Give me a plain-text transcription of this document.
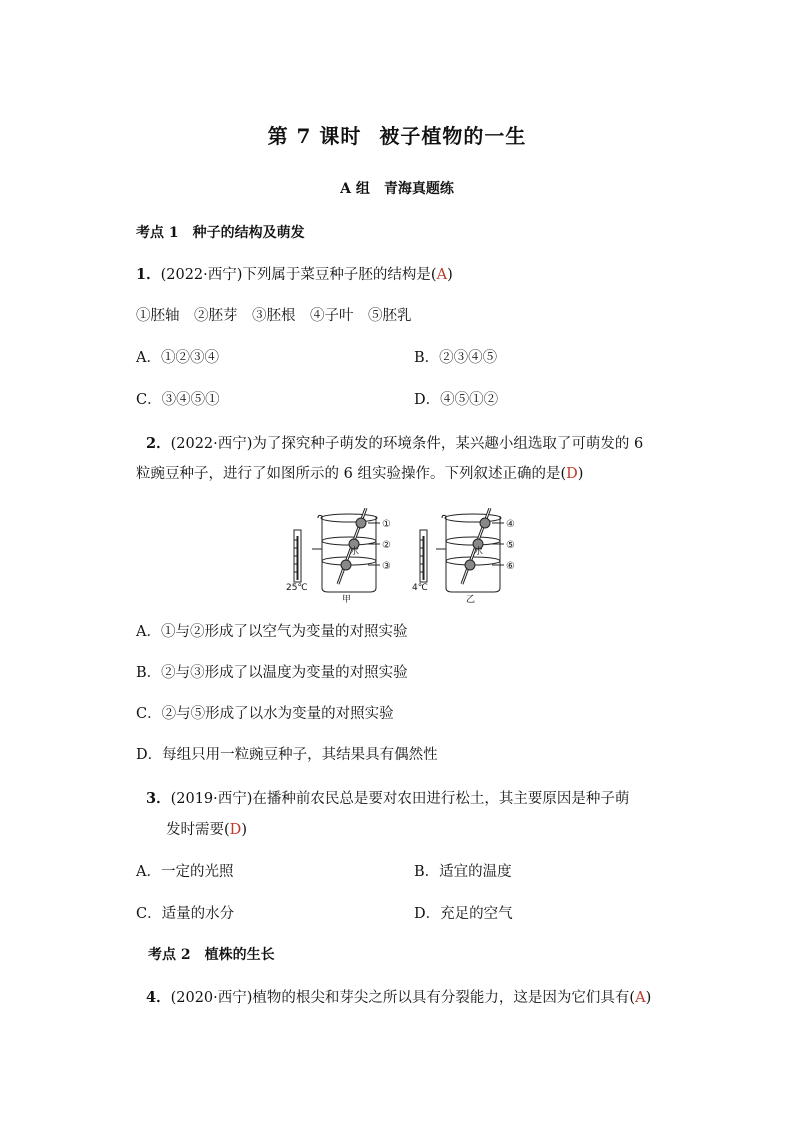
第 7 课时 被子植物的一生
A 组 青海真题练
考点 1 种子的结构及萌发
1．(2022·西宁)下列属于菜豆种子胚的结构是(A)
①胚轴　②胚芽　③胚根　④子叶　⑤胚乳
A．①②③④	B．②③④⑤
C．③④⑤①	D．④⑤①②
2．(2022·西宁)为了探究种子萌发的环境条件，某兴趣小组选取了可萌发的 6
粒豌豆种子，进行了如图所示的 6 组实验操作。下列叙述正确的是(D)
①
②
③
④
⑤
⑥
水	水
25℃	4℃
甲	乙
A．①与②形成了以空气为变量的对照实验
B．②与③形成了以温度为变量的对照实验
C．②与⑤形成了以水为变量的对照实验
D．每组只用一粒豌豆种子，其结果具有偶然性
3．(2019·西宁)在播种前农民总是要对农田进行松土，其主要原因是种子萌
发时需要(D)
A．一定的光照	B．适宜的温度
C．适量的水分	D．充足的空气
考点 2 植株的生长
4．(2020·西宁)植物的根尖和芽尖之所以具有分裂能力，这是因为它们具有(A)
